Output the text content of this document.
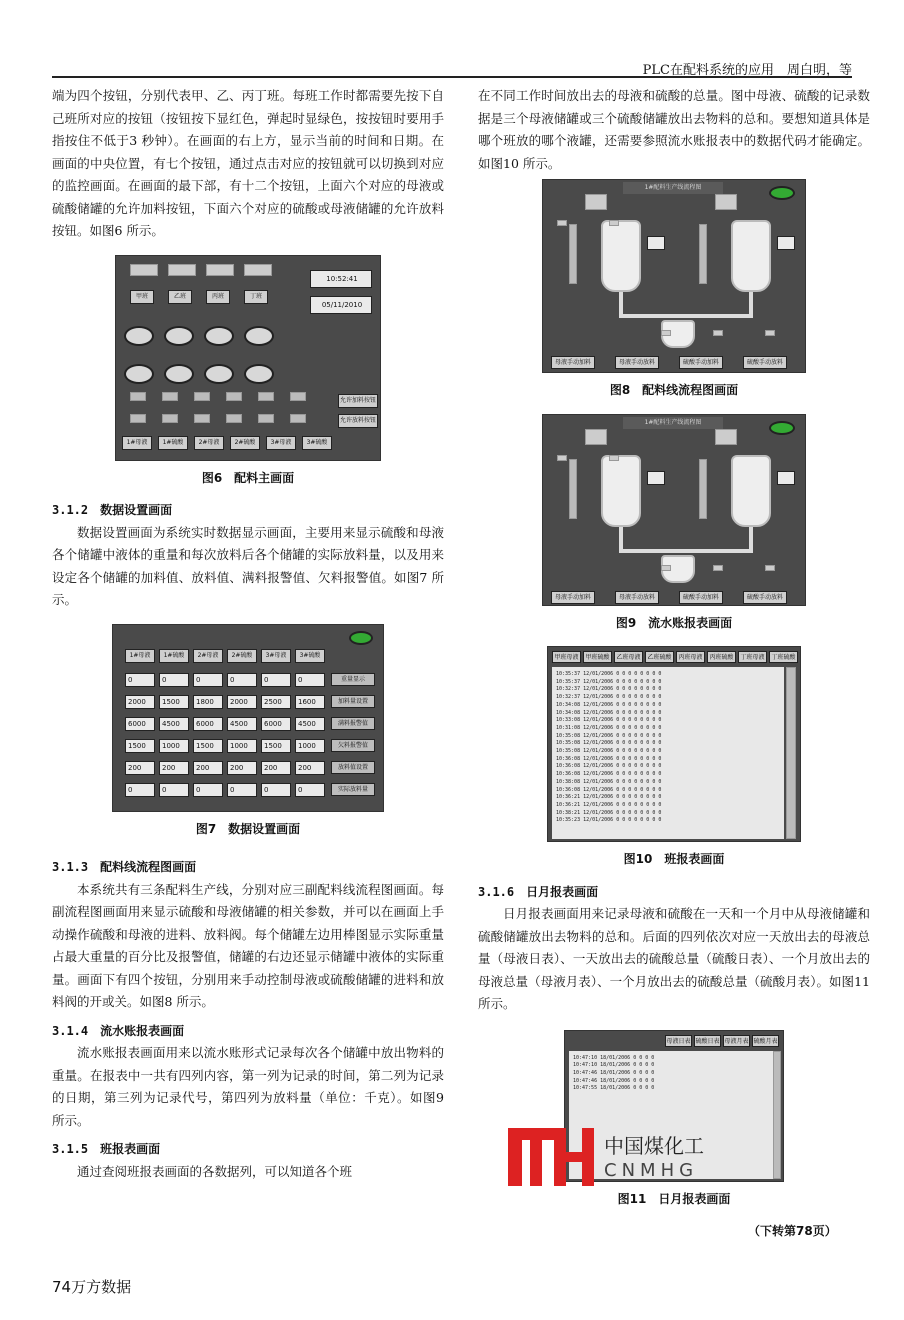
PLC在配料系统的应用　周白明，等

端为四个按钮，分别代表甲、乙、丙丁班。每班工作时都需要先按下自己班所对应的按钮（按钮按下显红色，弹起时显绿色，按按钮时要用手指按住不低于3 秒钟）。在画面的右上方，显示当前的时间和日期。在画面的中央位置，有七个按钮，通过点击对应的按钮就可以切换到对应的监控画面。在画面的最下部，有十二个按钮，上面六个对应的母液或硫酸储罐的允许加料按钮，下面六个对应的硫酸或母液储罐的允许放料按钮。如图6 所示。

甲班	乙班	丙班	丁班
10:52:41
05/11/2010
允许加料按钮
允许放料按钮
1#母液	1#硫酸	2#母液	2#硫酸	3#母液	3#硫酸
图6　配料主画面
3.1.2　数据设置画面

数据设置画面为系统实时数据显示画面，主要用来显示硫酸和母液各个储罐中液体的重量和每次放料后各个储罐的实际放料量，以及用来设定各个储罐的加料值、放料值、满料报警值、欠料报警值。如图7 所示。

1#母液	1#硫酸	2#母液	2#硫酸	3#母液	3#硫酸
0	0	0	0	0	0	重量显示
2000	1500	1800	2000	2500	1600	加料量设置
6000	4500	6000	4500	6000	4500	满料报警值
1500	1000	1500	1000	1500	1000	欠料报警值
200	200	200	200	200	200	放料值设置
0	0	0	0	0	0	实际放料量
图7　数据设置画面
3.1.3　配料线流程图画面

本系统共有三条配料生产线，分别对应三副配料线流程图画面。每副流程图画面用来显示硫酸和母液储罐的相关参数，并可以在画面上手动操作硫酸和母液的进料、放料阀。每个储罐左边用棒图显示实际重量占最大重量的百分比及报警值，储罐的右边还显示储罐中液体的实际重量。画面下有四个按钮，分别用来手动控制母液或硫酸储罐的进料和放料阀的开或关。如图8 所示。

3.1.4　流水账报表画面

流水账报表画面用来以流水账形式记录每次各个储罐中放出物料的重量。在报表中一共有四列内容，第一列为记录的时间，第二列为记录的日期，第三列为记录代号，第四列为放料量（单位：千克）。如图9 所示。

3.1.5　班报表画面

通过查阅班报表画面的各数据列，可以知道各个班

在不同工作时间放出去的母液和硫酸的总量。图中母液、硫酸的记录数据是三个母液储罐或三个硫酸储罐放出去物料的总和。要想知道具体是哪个班放的哪个液罐，还需要参照流水账报表中的数据代码才能确定。如图10 所示。

1#配料生产线流程图
母液手动加料	母液手动放料	硫酸手动加料	硫酸手动放料
图8　配料线流程图画面
1#配料生产线流程图
母液手动加料	母液手动放料	硫酸手动加料	硫酸手动放料
图9　流水账报表画面
甲班母液	甲班硫酸	乙班母液	乙班硫酸	丙班母液	丙班硫酸	丁班母液	丁班硫酸
10:35:37 12/01/2006 0 0 0 0 0 0 0 0
10:35:37 12/01/2006 0 0 0 0 0 0 0 0
10:32:37 12/01/2006 0 0 0 0 0 0 0 0
10:32:37 12/01/2006 0 0 0 0 0 0 0 0
10:34:08 12/01/2006 0 0 0 0 0 0 0 0
10:34:08 12/01/2006 0 0 0 0 0 0 0 0
10:33:08 12/01/2006 0 0 0 0 0 0 0 0
10:31:08 12/01/2006 0 0 0 0 0 0 0 0
10:35:08 12/01/2006 0 0 0 0 0 0 0 0
10:35:08 12/01/2006 0 0 0 0 0 0 0 0
10:35:08 12/01/2006 0 0 0 0 0 0 0 0
10:36:08 12/01/2006 0 0 0 0 0 0 0 0
10:36:08 12/01/2006 0 0 0 0 0 0 0 0
10:36:08 12/01/2006 0 0 0 0 0 0 0 0
10:38:08 12/01/2006 0 0 0 0 0 0 0 0
10:36:08 12/01/2006 0 0 0 0 0 0 0 0
10:36:21 12/01/2006 0 0 0 0 0 0 0 0
10:36:21 12/01/2006 0 0 0 0 0 0 0 0
10:38:21 12/01/2006 0 0 0 0 0 0 0 0
10:35:23 12/01/2006 0 0 0 0 0 0 0 0
图10　班报表画面
3.1.6　日月报表画面

日月报表画面用来记录母液和硫酸在一天和一个月中从母液储罐和硫酸储罐放出去物料的总和。后面的四列依次对应一天放出去的母液总量（母液日表）、一天放出去的硫酸总量（硫酸日表）、一个月放出去的母液总量（母液月表）、一个月放出去的硫酸总量（硫酸月表）。如图11 所示。

母液日表 硫酸日表 母液月表 硫酸月表
10:47:10 18/01/2006 0 0 0 0
10:47:10 18/01/2006 0 0 0 0
10:47:46 18/01/2006 0 0 0 0
10:47:46 18/01/2006 0 0 0 0
10:47:55 18/01/2006 0 0 0 0
图11　日月报表画面
中国煤化工
CNMHG
（下转第78页）
74万方数据
